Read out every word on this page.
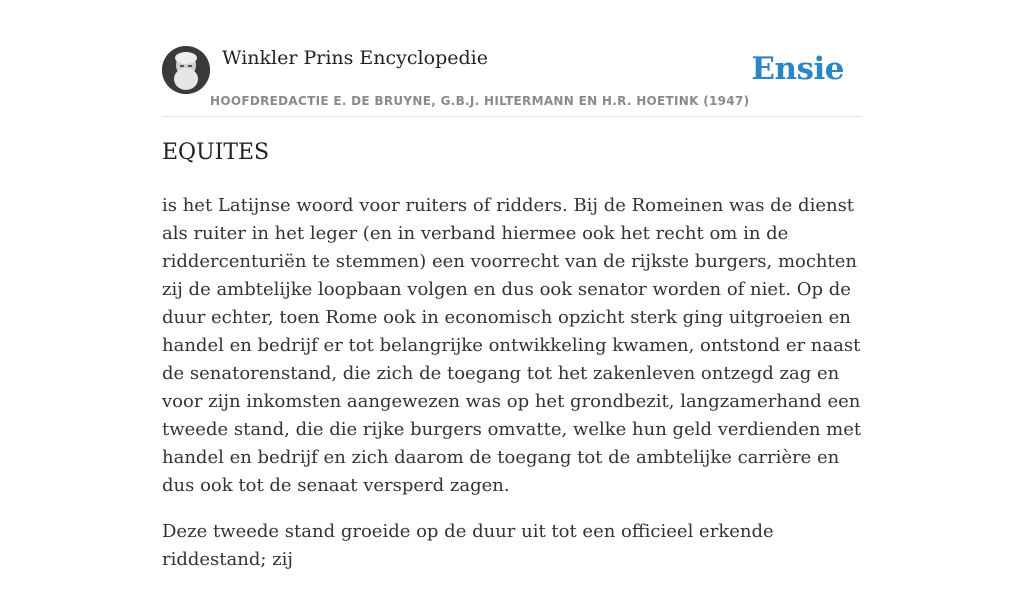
Winkler Prins Encyclopedie
HOOFDREDACTIE E. DE BRUYNE, G.B.J. HILTERMANN EN H.R. HOETINK (1947)
Ensie
EQUITES

is het Latijnse woord voor ruiters of ridders. Bij de Romeinen was de dienst als ruiter in het leger (en in verband hiermee ook het recht om in de riddercenturiën te stemmen) een voorrecht van de rijkste burgers, mochten zij de ambtelijke loopbaan volgen en dus ook senator worden of niet. Op de duur echter, toen Rome ook in economisch opzicht sterk ging uitgroeien en handel en bedrijf er tot belangrijke ontwikkeling kwamen, ontstond er naast de senatorenstand, die zich de toegang tot het zakenleven ontzegd zag en voor zijn inkomsten aangewezen was op het grondbezit, langzamerhand een tweede stand, die die rijke burgers omvatte, welke hun geld verdienden met handel en bedrijf en zich daarom de toegang tot de ambtelijke carrière en dus ook tot de senaat versperd zagen.

Deze tweede stand groeide op de duur uit tot een officieel erkende riddestand; zij
